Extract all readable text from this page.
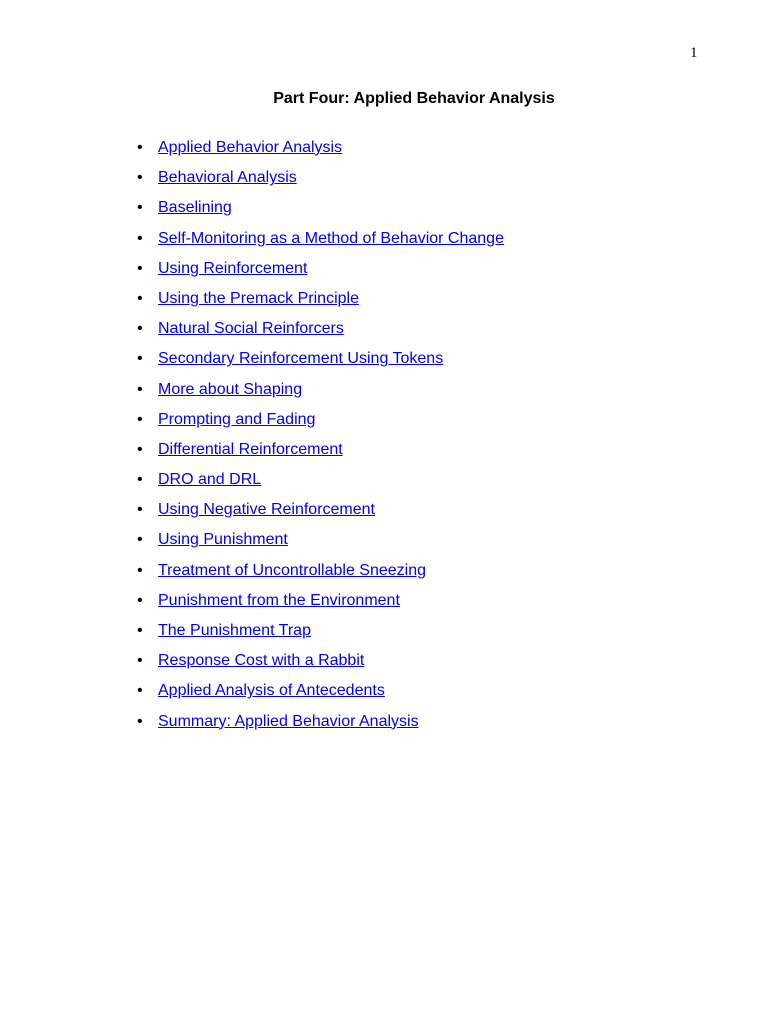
1
Part Four: Applied Behavior Analysis
• Applied Behavior Analysis
• Behavioral Analysis
• Baselining
• Self-Monitoring as a Method of Behavior Change
• Using Reinforcement
• Using the Premack Principle
• Natural Social Reinforcers
• Secondary Reinforcement Using Tokens
• More about Shaping
• Prompting and Fading
• Differential Reinforcement
• DRO and DRL
• Using Negative Reinforcement
• Using Punishment
• Treatment of Uncontrollable Sneezing
• Punishment from the Environment
• The Punishment Trap
• Response Cost with a Rabbit
• Applied Analysis of Antecedents
• Summary: Applied Behavior Analysis
